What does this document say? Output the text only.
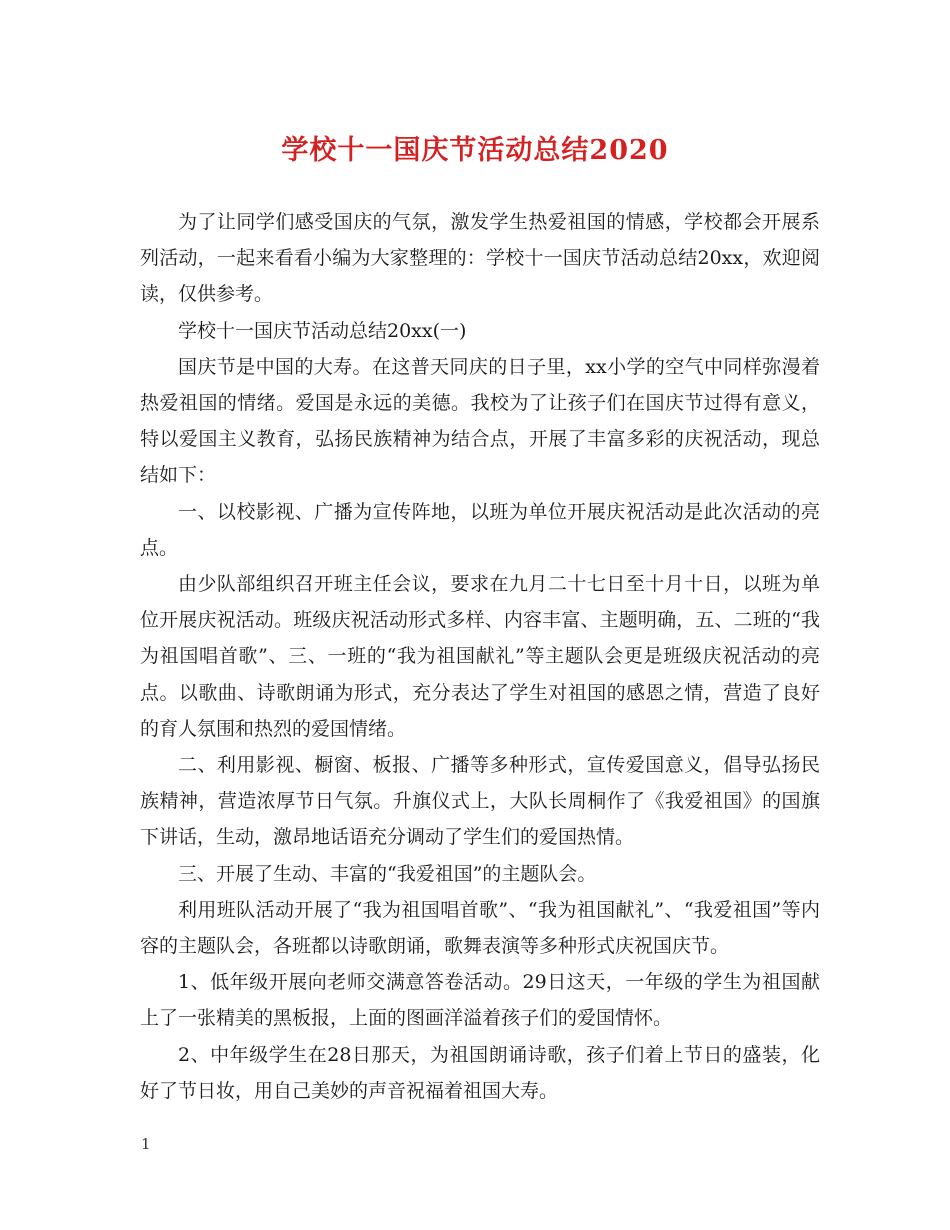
学校十一国庆节活动总结2020

为了让同学们感受国庆的气氛，激发学生热爱祖国的情感，学校都会开展系列活动，一起来看看小编为大家整理的：学校十一国庆节活动总结20xx，欢迎阅读，仅供参考。

学校十一国庆节活动总结20xx(一)

国庆节是中国的大寿。在这普天同庆的日子里，xx小学的空气中同样弥漫着热爱祖国的情绪。爱国是永远的美德。我校为了让孩子们在国庆节过得有意义，特以爱国主义教育，弘扬民族精神为结合点，开展了丰富多彩的庆祝活动，现总结如下：

一、以校影视、广播为宣传阵地，以班为单位开展庆祝活动是此次活动的亮点。

由少队部组织召开班主任会议，要求在九月二十七日至十月十日，以班为单位开展庆祝活动。班级庆祝活动形式多样、内容丰富、主题明确，五、二班的“我为祖国唱首歌”、三、一班的“我为祖国献礼”等主题队会更是班级庆祝活动的亮点。以歌曲、诗歌朗诵为形式，充分表达了学生对祖国的感恩之情，营造了良好的育人氛围和热烈的爱国情绪。

二、利用影视、橱窗、板报、广播等多种形式，宣传爱国意义，倡导弘扬民族精神，营造浓厚节日气氛。升旗仪式上，大队长周桐作了《我爱祖国》的国旗下讲话，生动，激昂地话语充分调动了学生们的爱国热情。

三、开展了生动、丰富的“我爱祖国”的主题队会。

利用班队活动开展了“我为祖国唱首歌”、“我为祖国献礼”、“我爱祖国”等内容的主题队会，各班都以诗歌朗诵，歌舞表演等多种形式庆祝国庆节。

1、低年级开展向老师交满意答卷活动。29日这天，一年级的学生为祖国献上了一张精美的黑板报，上面的图画洋溢着孩子们的爱国情怀。

2、中年级学生在28日那天，为祖国朗诵诗歌，孩子们着上节日的盛装，化好了节日妆，用自己美妙的声音祝福着祖国大寿。

1
